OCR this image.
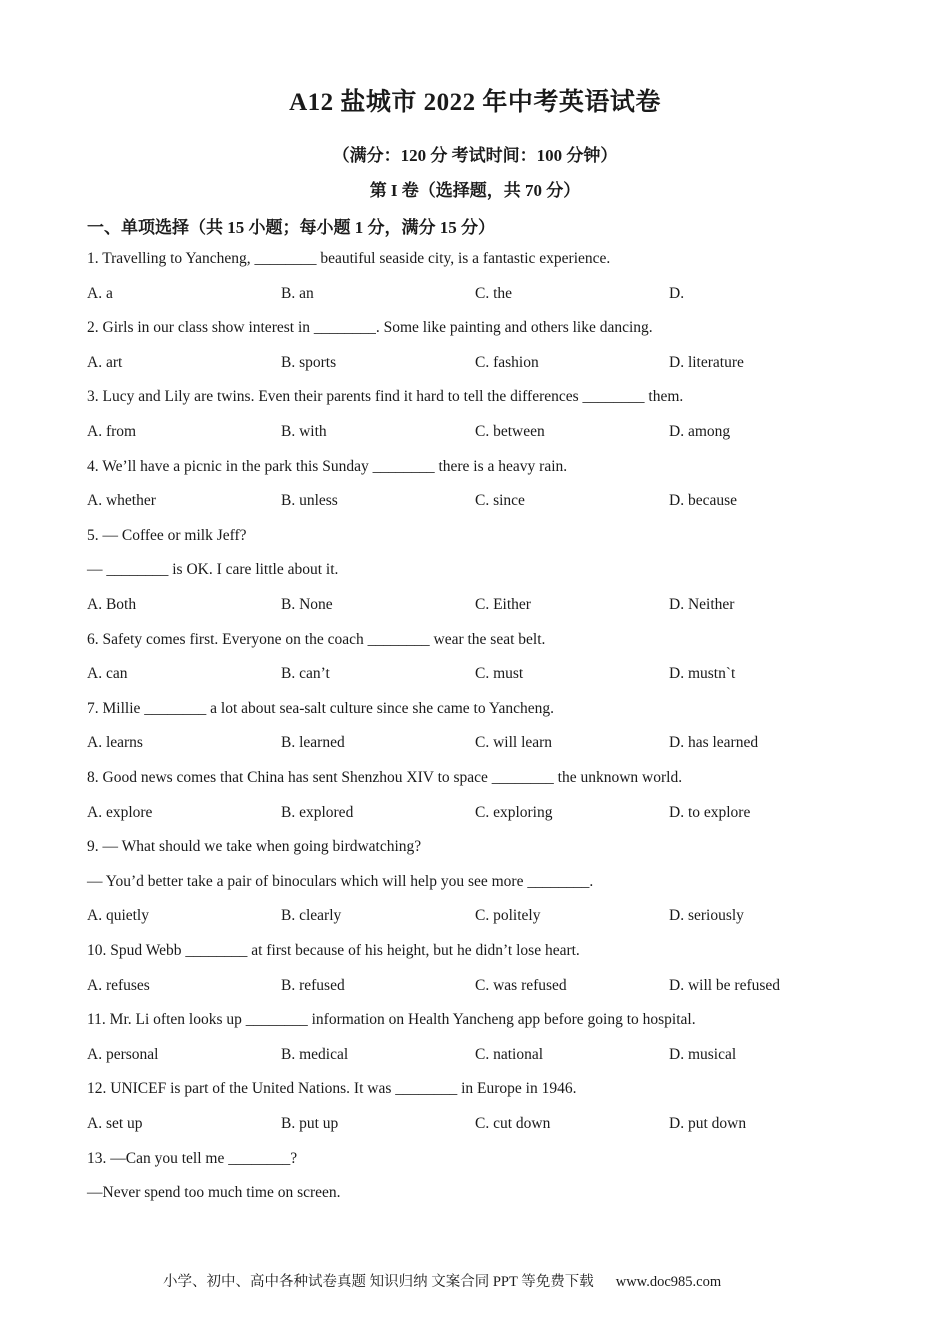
A12 盐城市 2022 年中考英语试卷
（满分：120 分 考试时间：100 分钟）
第 I 卷（选择题，共 70 分）
一、单项选择（共 15 小题；每小题 1 分，满分 15 分）
1. Travelling to Yancheng, ________ beautiful seaside city, is a fantastic experience.
A. a	B. an	C. the	D.
2. Girls in our class show interest in ________. Some like painting and others like dancing.
A. art	B. sports	C. fashion	D. literature
3. Lucy and Lily are twins. Even their parents find it hard to tell the differences ________ them.
A. from	B. with	C. between	D. among
4. We’ll have a picnic in the park this Sunday ________ there is a heavy rain.
A. whether	B. unless	C. since	D. because
5. — Coffee or milk Jeff?
— ________ is OK. I care little about it.
A. Both	B. None	C. Either	D. Neither
6. Safety comes first. Everyone on the coach ________ wear the seat belt.
A. can	B. can’t	C. must	D. mustn`t
7. Millie ________ a lot about sea-salt culture since she came to Yancheng.
A. learns	B. learned	C. will learn	D. has learned
8. Good news comes that China has sent Shenzhou XIV to space ________ the unknown world.
A. explore	B. explored	C. exploring	D. to explore
9. — What should we take when going birdwatching?
— You’d better take a pair of binoculars which will help you see more ________.
A. quietly	B. clearly	C. politely	D. seriously
10. Spud Webb ________ at first because of his height, but he didn’t lose heart.
A. refuses	B. refused	C. was refused	D. will be refused
11. Mr. Li often looks up ________ information on Health Yancheng app before going to hospital.
A. personal	B. medical	C. national	D. musical
12. UNICEF is part of the United Nations. It was ________ in Europe in 1946.
A. set up	B. put up	C. cut down	D. put down
13. —Can you tell me ________?
—Never spend too much time on screen.
小学、初中、高中各种试卷真题 知识归纳 文案合同 PPT 等免费下载 www.doc985.com
